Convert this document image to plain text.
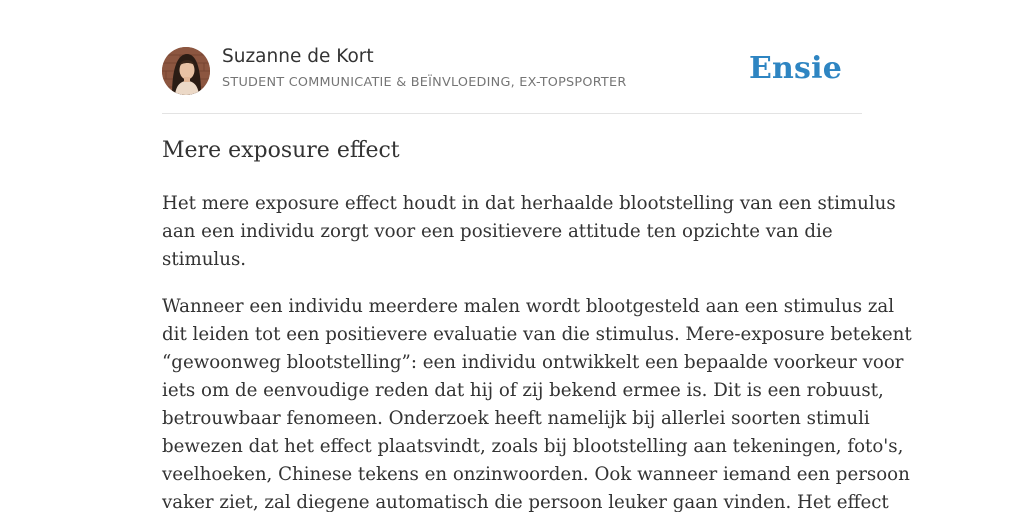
Suzanne de Kort
STUDENT COMMUNICATIE & BEÏNVLOEDING, EX-TOPSPORTER	Ensie
Mere exposure effect

Het mere exposure effect houdt in dat herhaalde blootstelling van een stimulus
aan een individu zorgt voor een positievere attitude ten opzichte van die
stimulus.

Wanneer een individu meerdere malen wordt blootgesteld aan een stimulus zal
dit leiden tot een positievere evaluatie van die stimulus. Mere-exposure betekent
“gewoonweg blootstelling”: een individu ontwikkelt een bepaalde voorkeur voor
iets om de eenvoudige reden dat hij of zij bekend ermee is. Dit is een robuust,
betrouwbaar fenomeen. Onderzoek heeft namelijk bij allerlei soorten stimuli
bewezen dat het effect plaatsvindt, zoals bij blootstelling aan tekeningen, foto's,
veelhoeken, Chinese tekens en onzinwoorden. Ook wanneer iemand een persoon
vaker ziet, zal diegene automatisch die persoon leuker gaan vinden. Het effect
